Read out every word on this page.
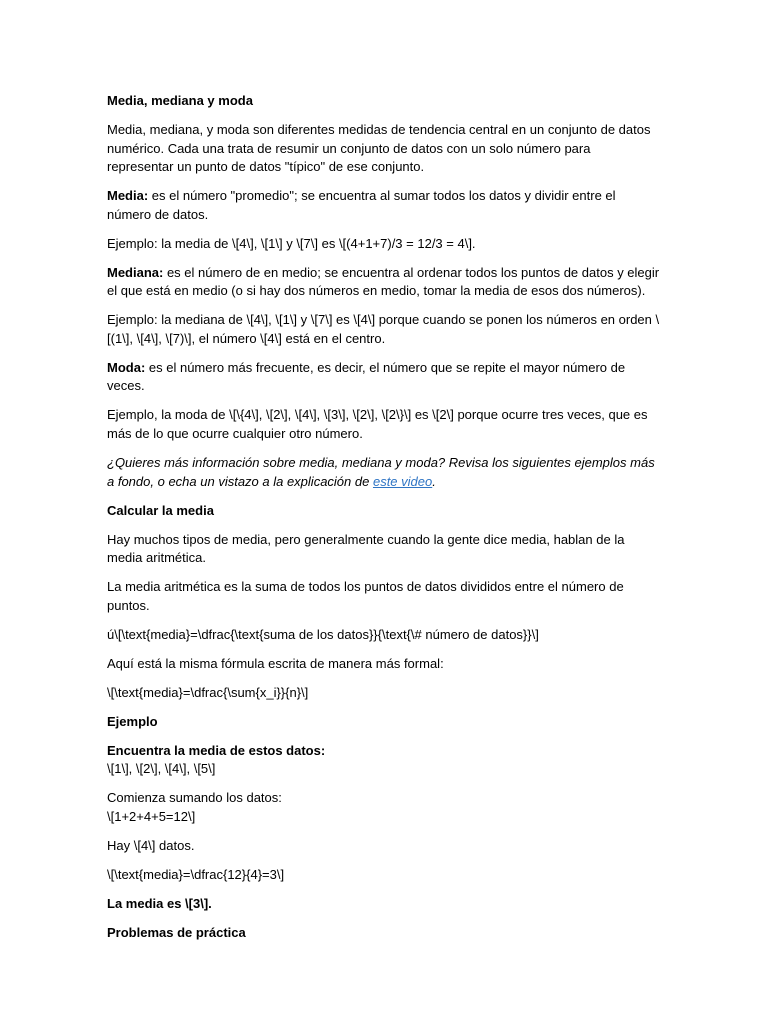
Media, mediana y moda

Media, mediana, y moda son diferentes medidas de tendencia central en un conjunto de datos numérico. Cada una trata de resumir un conjunto de datos con un solo número para representar un punto de datos "típico" de ese conjunto.

Media: es el número "promedio"; se encuentra al sumar todos los datos y dividir entre el número de datos.

Ejemplo: la media de \[4\], \[1\] y \[7\] es \[(4+1+7)/3 = 12/3 = 4\].

Mediana: es el número de en medio; se encuentra al ordenar todos los puntos de datos y elegir el que está en medio (o si hay dos números en medio, tomar la media de esos dos números).

Ejemplo: la mediana de \[4\], \[1\] y \[7\] es \[4\] porque cuando se ponen los números en orden \[(1\], \[4\], \[7)\], el número \[4\] está en el centro.

Moda: es el número más frecuente, es decir, el número que se repite el mayor número de veces.

Ejemplo, la moda de \[\{4\], \[2\], \[4\], \[3\], \[2\], \[2\}\] es \[2\] porque ocurre tres veces, que es más de lo que ocurre cualquier otro número.

¿Quieres más información sobre media, mediana y moda? Revisa los siguientes ejemplos más a fondo, o echa un vistazo a la explicación de este video.

Calcular la media

Hay muchos tipos de media, pero generalmente cuando la gente dice media, hablan de la media aritmética.

La media aritmética es la suma de todos los puntos de datos divididos entre el número de puntos.

ú\[\text{media}=\dfrac{\text{suma de los datos}}{\text{\# número de datos}}\]

Aquí está la misma fórmula escrita de manera más formal:

\[\text{media}=\dfrac{\sum{x_i}}{n}\]

Ejemplo

Encuentra la media de estos datos:
\[1\], \[2\], \[4\], \[5\]

Comienza sumando los datos:
\[1+2+4+5=12\]

Hay \[4\] datos.

\[\text{media}=\dfrac{12}{4}=3\]

La media es \[3\].

Problemas de práctica
